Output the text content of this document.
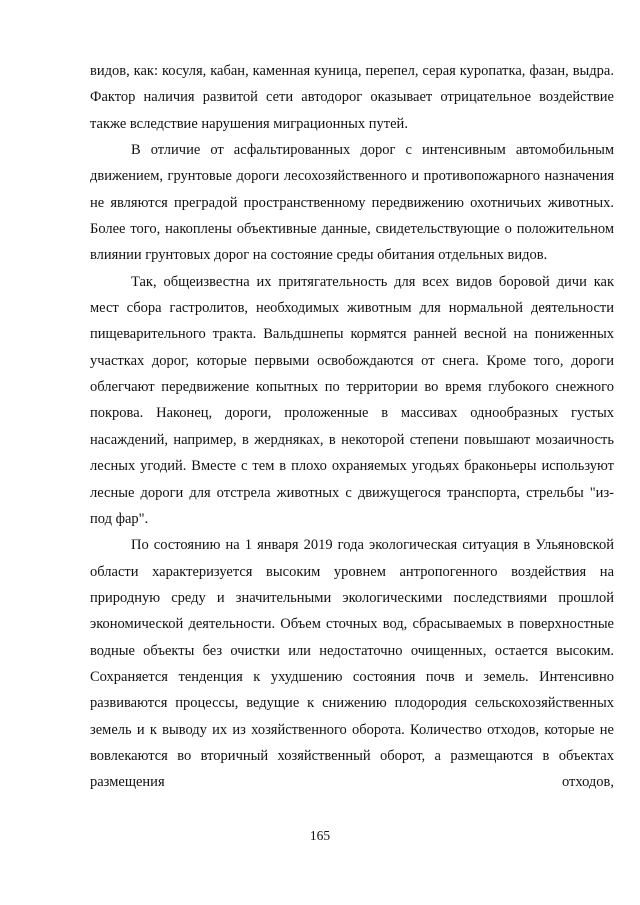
видов, как: косуля, кабан, каменная куница, перепел, серая куропатка, фазан, выдра. Фактор наличия развитой сети автодорог оказывает отрицательное воздействие также вследствие нарушения миграционных путей.

В отличие от асфальтированных дорог с интенсивным автомобильным движением, грунтовые дороги лесохозяйственного и противопожарного назначения не являются преградой пространственному передвижению охотничьих животных. Более того, накоплены объективные данные, свидетельствующие о положительном влиянии грунтовых дорог на состояние среды обитания отдельных видов.

Так, общеизвестна их притягательность для всех видов боровой дичи как мест сбора гастролитов, необходимых животным для нормальной деятельности пищеварительного тракта. Вальдшнепы кормятся ранней весной на пониженных участках дорог, которые первыми освобождаются от снега. Кроме того, дороги облегчают передвижение копытных по территории во время глубокого снежного покрова. Наконец, дороги, проложенные в массивах однообразных густых насаждений, например, в жердняках, в некоторой степени повышают мозаичность лесных угодий. Вместе с тем в плохо охраняемых угодьях браконьеры используют лесные дороги для отстрела животных с движущегося транспорта, стрельбы "из-под фар".

По состоянию на 1 января 2019 года экологическая ситуация в Ульяновской области характеризуется высоким уровнем антропогенного воздействия на природную среду и значительными экологическими последствиями прошлой экономической деятельности. Объем сточных вод, сбрасываемых в поверхностные водные объекты без очистки или недостаточно очищенных, остается высоким. Сохраняется тенденция к ухудшению состояния почв и земель. Интенсивно развиваются процессы, ведущие к снижению плодородия сельскохозяйственных земель и к выводу их из хозяйственного оборота. Количество отходов, которые не вовлекаются во вторичный хозяйственный оборот, а размещаются в объектах размещения отходов,

165
